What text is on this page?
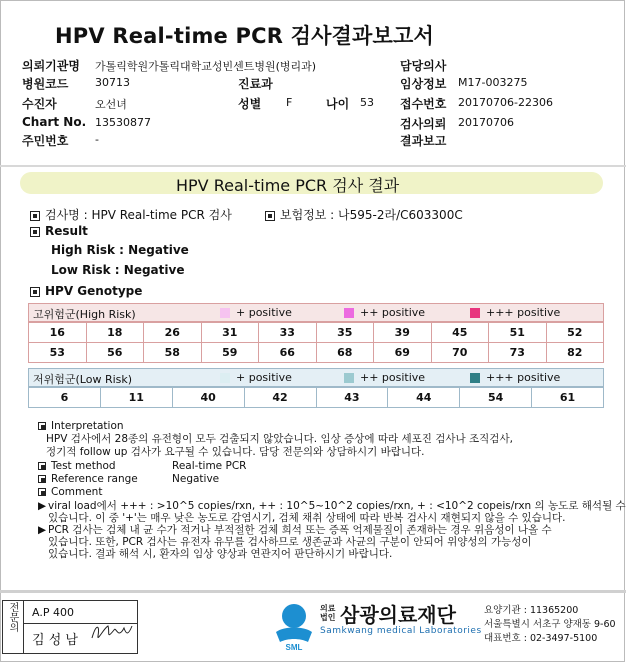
HPV Real-time PCR 검사결과보고서
의뢰기관명 가톨릭학원가톨릭대학교성빈센트병원(병리과)
병원코드 30713
수진자	오선녀
Chart No. 13530877
주민번호 -
진료과
성별 F	나이 53
담당의사
임상정보 M17-003275
접수번호 20170706-22306
검사의뢰 20170706
결과보고
HPV Real-time PCR 검사 결과
검사명 : HPV Real-time PCR 검사	보험정보 : 나595-2라/C603300C
Result
High Risk : Negative
Low Risk : Negative
HPV Genotype
고위험군(High Risk)	+ positive	++ positive	+++ positive
16	18	26	31	33	35	39	45	51	52
53	56	58	59	66	68	69	70	73	82
저위험군(Low Risk)	+ positive	++ positive	+++ positive
6	11	40	42	43	44	54	61
Interpretation
HPV 검사에서 28종의 유전형이 모두 검출되지 않았습니다. 임상 증상에 따라 세포진 검사나 조직검사,
정기적 follow up 검사가 요구될 수 있습니다. 담당 전문의와 상담하시기 바랍니다.
Test method	Real-time PCR
Reference range	Negative
Comment
▶ viral load에서 +++ : >10^5 copies/rxn, ++ : 10^5~10^2 copies/rxn, + : <10^2 copeis/rxn 의 농도로 해석될 수
있습니다. 이 중 '+'는 매우 낮은 농도로 감염시기, 검체 채취 상태에 따라 반복 검사시 재현되지 않을 수 있습니다.
▶ PCR 검사는 검체 내 균 수가 적거나 부적절한 검체 희석 또는 증폭 억제물질이 존재하는 경우 위음성이 나올 수
있습니다. 또한, PCR 검사는 유전자 유무를 검사하므로 생존균과 사균의 구분이 안되어 위양성의 가능성이
있습니다. 결과 해석 시, 환자의 임상 양상과 연관지어 판단하시기 바랍니다.
전문의	A.P 400
김 성 남	SML
의료
법인 삼광의료재단
Samkwang medical Laboratories
요양기관 : 11365200
서울특별시 서초구 양재동 9-60
대표번호 : 02-3497-5100
